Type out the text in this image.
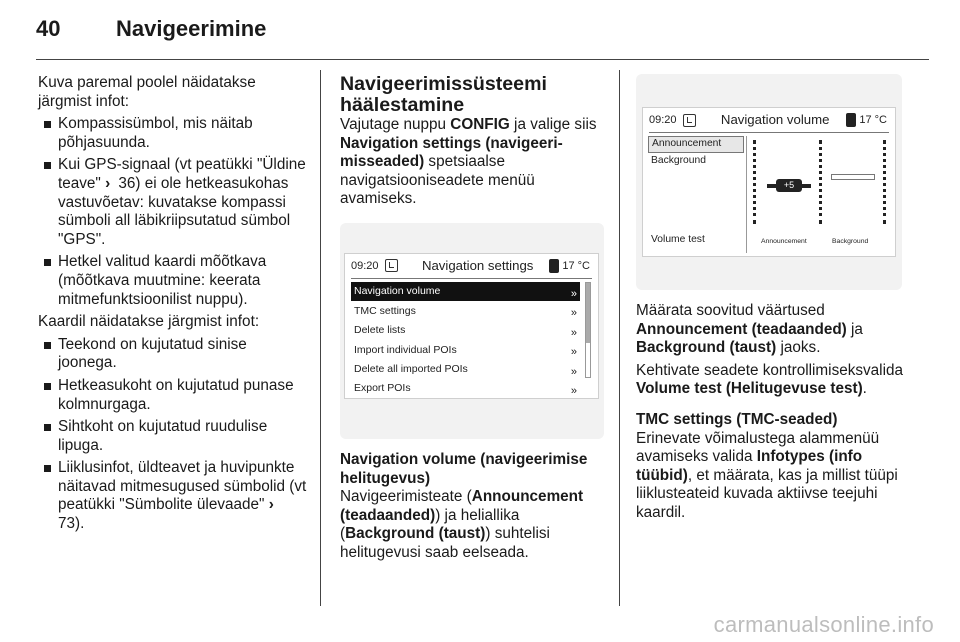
40	Navigeerimine
Kuva paremal poolel näidatakse järgmist infot:
Kompassisümbol, mis näitab põhjasuunda.
Kui GPS-signaal (vt peatükki "Üldine teave" › 36) ei ole hetkeasukohas vastuvõetav: kuvatakse kompassi sümboli all läbikriipsutatud sümbol "GPS".
Hetkel valitud kaardi mõõtkava (mõõtkava muutmine: keerata mitmefunktsioonilist nuppu).
Kaardil näidatakse järgmist infot:
Teekond on kujutatud sinise joonega.
Hetkeasukoht on kujutatud punase kolmnurgaga.
Sihtkoht on kujutatud ruudulise lipuga.
Liiklusinfot, üldteavet ja huvipunkte näitavad mitmesugused sümbolid (vt peatükki "Sümbolite ülevaade" › 73).
Navigeerimissüsteemi häälestamine
Vajutage nuppu CONFIG ja valige siis Navigation settings (navigeeri-misseaded) spetsiaalse navigatsiooniseadete menüü avamiseks.
09:20	Navigation settings	17 °C
Navigation volume	»
TMC settings	»
Delete lists	»
Import individual POIs	»
Delete all imported POIs	»
Export POIs	»
Navigation volume (navigeerimise helitugevus)
Navigeerimisteate (Announcement (teadaanded)) ja heliallika (Background (taust)) suhtelisi helitugevusi saab eelseada.
09:20	Navigation volume	17 °C
Announcement
Background
Volume test
+5
Announcement	Background
Määrata soovitud väärtused Announcement (teadaanded) ja Background (taust) jaoks.
Kehtivate seadete kontrollimiseksvalida Volume test (Helitugevuse test).
TMC settings (TMC-seaded)
Erinevate võimalustega alammenüü avamiseks valida Infotypes (info tüübid), et määrata, kas ja millist tüüpi liiklusteateid kuvada aktiivse teejuhi kaardil.
carmanualsonline.info
